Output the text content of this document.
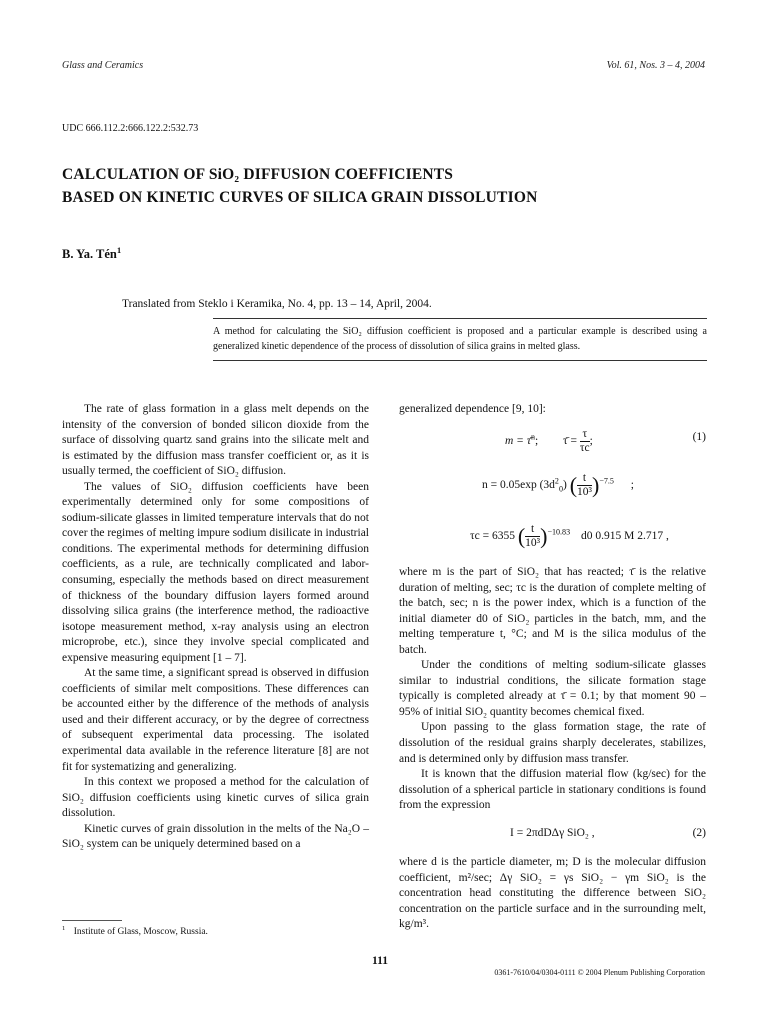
Glass and Ceramics	Vol. 61, Nos. 3 – 4, 2004
UDC 666.112.2:666.122.2:532.73
CALCULATION OF SiO₂ DIFFUSION COEFFICIENTS
BASED ON KINETIC CURVES OF SILICA GRAIN DISSOLUTION
B. Ya. Tén$^1$
Translated from Steklo i Keramika, No. 4, pp. 13 – 14, April, 2004.
A method for calculating the SiO₂ diffusion coefficient is proposed and a particular example is described using a generalized kinetic dependence of the process of dissolution of silica grains in melted glass.

The rate of glass formation in a glass melt depends on the intensity of the conversion of bonded silicon dioxide from the surface of dissolving quartz sand grains into the silicate melt and is estimated by the diffusion mass transfer coefficient or, as it is usually termed, the coefficient of SiO₂ diffusion.

The values of SiO₂ diffusion coefficients have been experimentally determined only for some compositions of sodium-silicate glasses in limited temperature intervals that do not cover the regimes of melting impure sodium disilicate in industrial conditions. The experimental methods for determining diffusion coefficients, as a rule, are technically complicated and labor-consuming, especially the methods based on direct measurement of thickness of the boundary diffusion layers formed around dissolving silica grains (the interference method, the radioactive isotope measurement method, x-ray analysis using an electron microprobe, etc.), since they involve special complicated and expensive measuring equipment [1 – 7].

At the same time, a significant spread is observed in diffusion coefficients of similar melt compositions. These differences can be accounted either by the difference of the methods of analysis used and their different accuracy, or by the degree of correctness of subsequent experimental data processing. The isolated experimental data available in the reference literature [8] are not fit for systematizing and generalizing.

In this context we proposed a method for the calculation of SiO₂ diffusion coefficients using kinetic curves of silica grain dissolution.

Kinetic curves of grain dissolution in the melts of the Na₂O – SiO₂ system can be uniquely determined based on a

$^1$ Institute of Glass, Moscow, Russia.

generalized dependence [9, 10]:

m = τ̄$^n$; τ̄ = $\frac{\tau}{\tau c}$ ;	(1)
n = 0.05exp $(3d^2_0)$ ( $\frac{t}{\text{10³}} )^{-7.5}$ ;
τc = 6355 ( $\frac{t}{\text{10³}} )^{-10.83}$ d0 0.915 M 2.717 ,

where m is the part of SiO₂ that has reacted; τ̄ is the relative duration of melting, sec; τc is the duration of complete melting of the batch, sec; n is the power index, which is a function of the initial diameter d0 of SiO₂ particles in the batch, mm, and the melting temperature t, °C; and M is the silica modulus of the batch.

Under the conditions of melting sodium-silicate glasses similar to industrial conditions, the silicate formation stage typically is completed already at τ̄ = 0.1; by that moment 90 – 95% of initial SiO₂ quantity becomes chemical fixed.

Upon passing to the glass formation stage, the rate of dissolution of the residual grains sharply decelerates, stabilizes, and is determined only by diffusion mass transfer.

It is known that the diffusion material flow (kg/sec) for the dissolution of a spherical particle in stationary conditions is found from the expression

I = 2πdDΔγ SiO₂ ,	(2)

where d is the particle diameter, m; D is the molecular diffusion coefficient, m²/sec; Δγ SiO₂ = γs SiO₂ − γm SiO₂ is the concentration head constituting the difference between SiO₂ concentration on the particle surface and in the surrounding melt, kg/m³.

111
0361-7610/04/0304-0111 © 2004 Plenum Publishing Corporation
